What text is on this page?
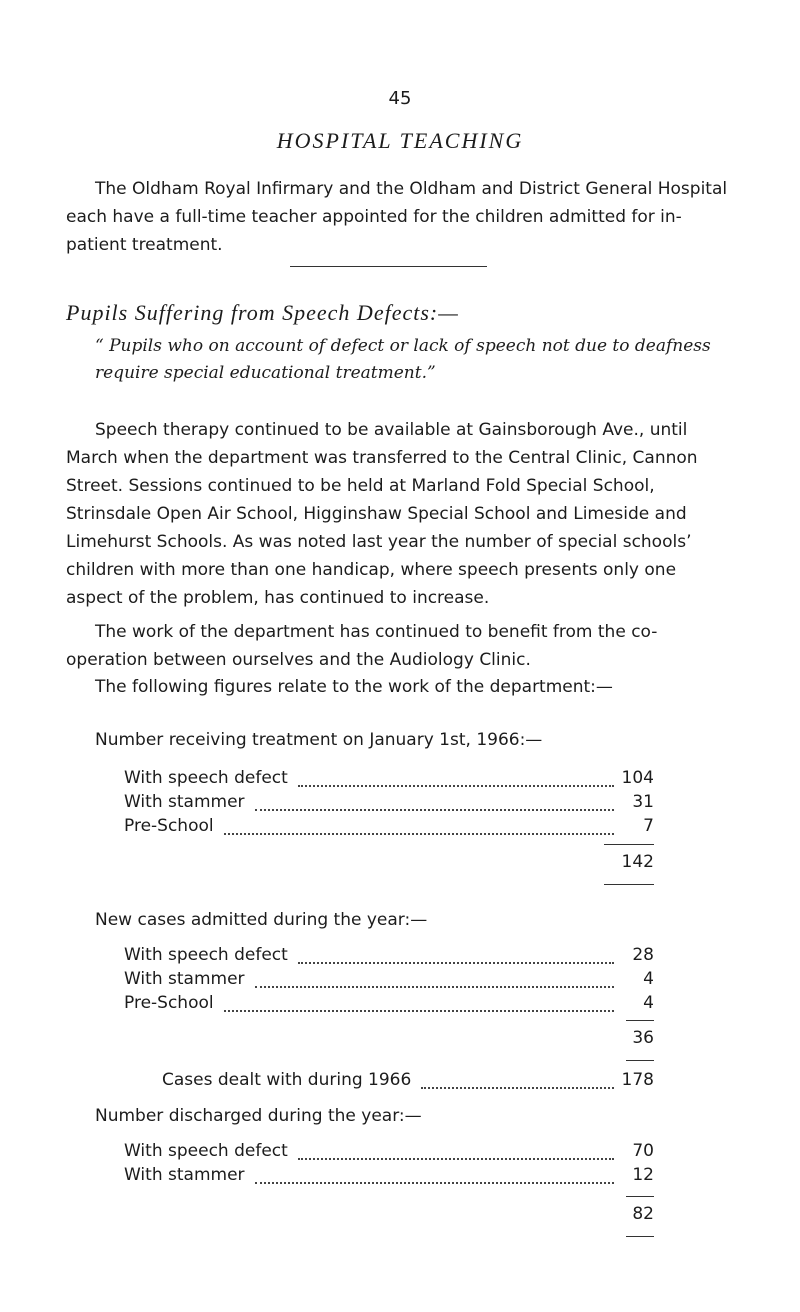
45
HOSPITAL TEACHING

The Oldham Royal Infirmary and the Oldham and District General Hospital each have a full-time teacher appointed for the children admitted for in-patient treatment.

Pupils Suffering from Speech Defects:—
“ Pupils who on account of defect or lack of speech not due to deafness require special educational treatment.”

Speech therapy continued to be available at Gainsborough Ave., until March when the department was transferred to the Central Clinic, Cannon Street. Sessions continued to be held at Marland Fold Special School, Strinsdale Open Air School, Higginshaw Special School and Limeside and Limehurst Schools. As was noted last year the number of special schools’ children with more than one handicap, where speech presents only one aspect of the problem, has continued to increase.

The work of the department has continued to benefit from the co-operation between ourselves and the Audiology Clinic.

The following figures relate to the work of the department:—
Number receiving treatment on January 1st, 1966:—
With speech defect	104
With stammer	31
Pre-School	7
142
New cases admitted during the year:—
With speech defect	28
With stammer	4
Pre-School	4
36
Cases dealt with during 1966	178
Number discharged during the year:—
With speech defect	70
With stammer	12
82
